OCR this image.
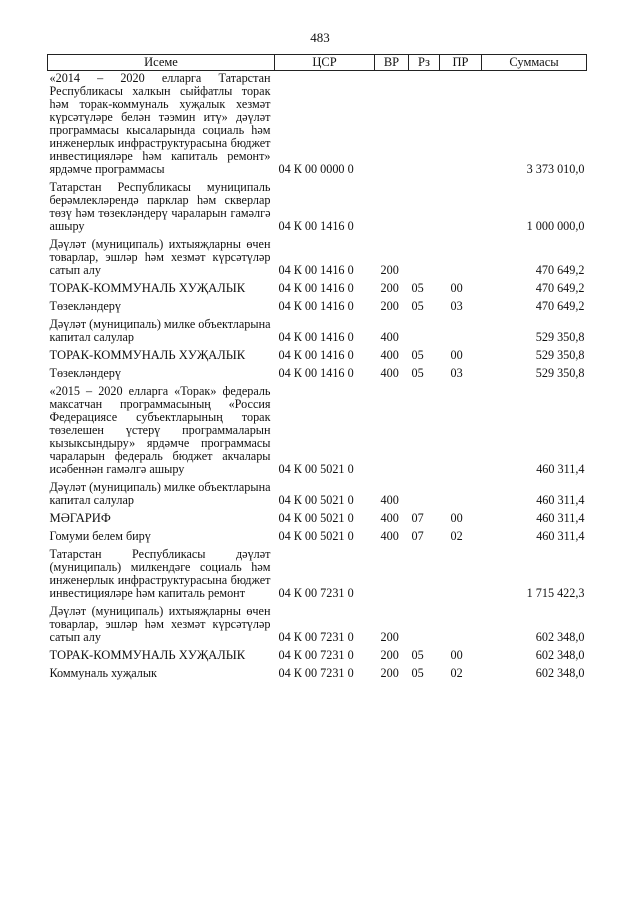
483
Исеме	ЦСР	ВР	Рз	ПР	Суммасы
«2014 – 2020 елларга Татарстан Республикасы халкын сыйфатлы торак һәм торак-коммуналь хуҗалык хезмәт күрсәтүләре белән тәэмин итү» дәүләт программасы кысаларында социаль һәм инженерлык инфраструктурасына бюджет инвестицияләре һәм капиталь ремонт» ярдәмче программасы	04 К 00 0000 0				3 373 010,0
Татарстан Республикасы муниципаль берәмлекләрендә парклар һәм скверлар төзү һәм төзекләндерү чараларын гамәлгә ашыру	04 К 00 1416 0				1 000 000,0
Дәүләт (муниципаль) ихтыяҗларны өчен товарлар, эшләр һәм хезмәт күрсәтүләр сатып алу	04 К 00 1416 0	200			470 649,2
ТОРАК-КОММУНАЛЬ ХУҖАЛЫК	04 К 00 1416 0	200	05	00	470 649,2
Төзекләндерү	04 К 00 1416 0	200	05	03	470 649,2
Дәүләт (муниципаль) милке объектларына капитал салулар	04 К 00 1416 0	400			529 350,8
ТОРАК-КОММУНАЛЬ ХУҖАЛЫК	04 К 00 1416 0	400	05	00	529 350,8
Төзекләндерү	04 К 00 1416 0	400	05	03	529 350,8
«2015 – 2020 елларга «Торак» федераль максатчан программасының «Россия Федерациясе субъектларының торак төзелешен үстерү программаларын кызыксындыру» ярдәмче программасы чараларын федераль бюджет акчалары исәбеннән гамәлгә ашыру	04 К 00 5021 0				460 311,4
Дәүләт (муниципаль) милке объектларына капитал салулар	04 К 00 5021 0	400			460 311,4
МӘГАРИФ	04 К 00 5021 0	400	07	00	460 311,4
Гомуми белем бирү	04 К 00 5021 0	400	07	02	460 311,4
Татарстан Республикасы дәүләт (муниципаль) милкендәге социаль һәм инженерлык инфраструктурасына бюджет инвестицияләре һәм капиталь ремонт	04 К 00 7231 0				1 715 422,3
Дәүләт (муниципаль) ихтыяҗларны өчен товарлар, эшләр һәм хезмәт күрсәтүләр сатып алу	04 К 00 7231 0	200			602 348,0
ТОРАК-КОММУНАЛЬ ХУҖАЛЫК	04 К 00 7231 0	200	05	00	602 348,0
Коммуналь хуҗалык	04 К 00 7231 0	200	05	02	602 348,0
